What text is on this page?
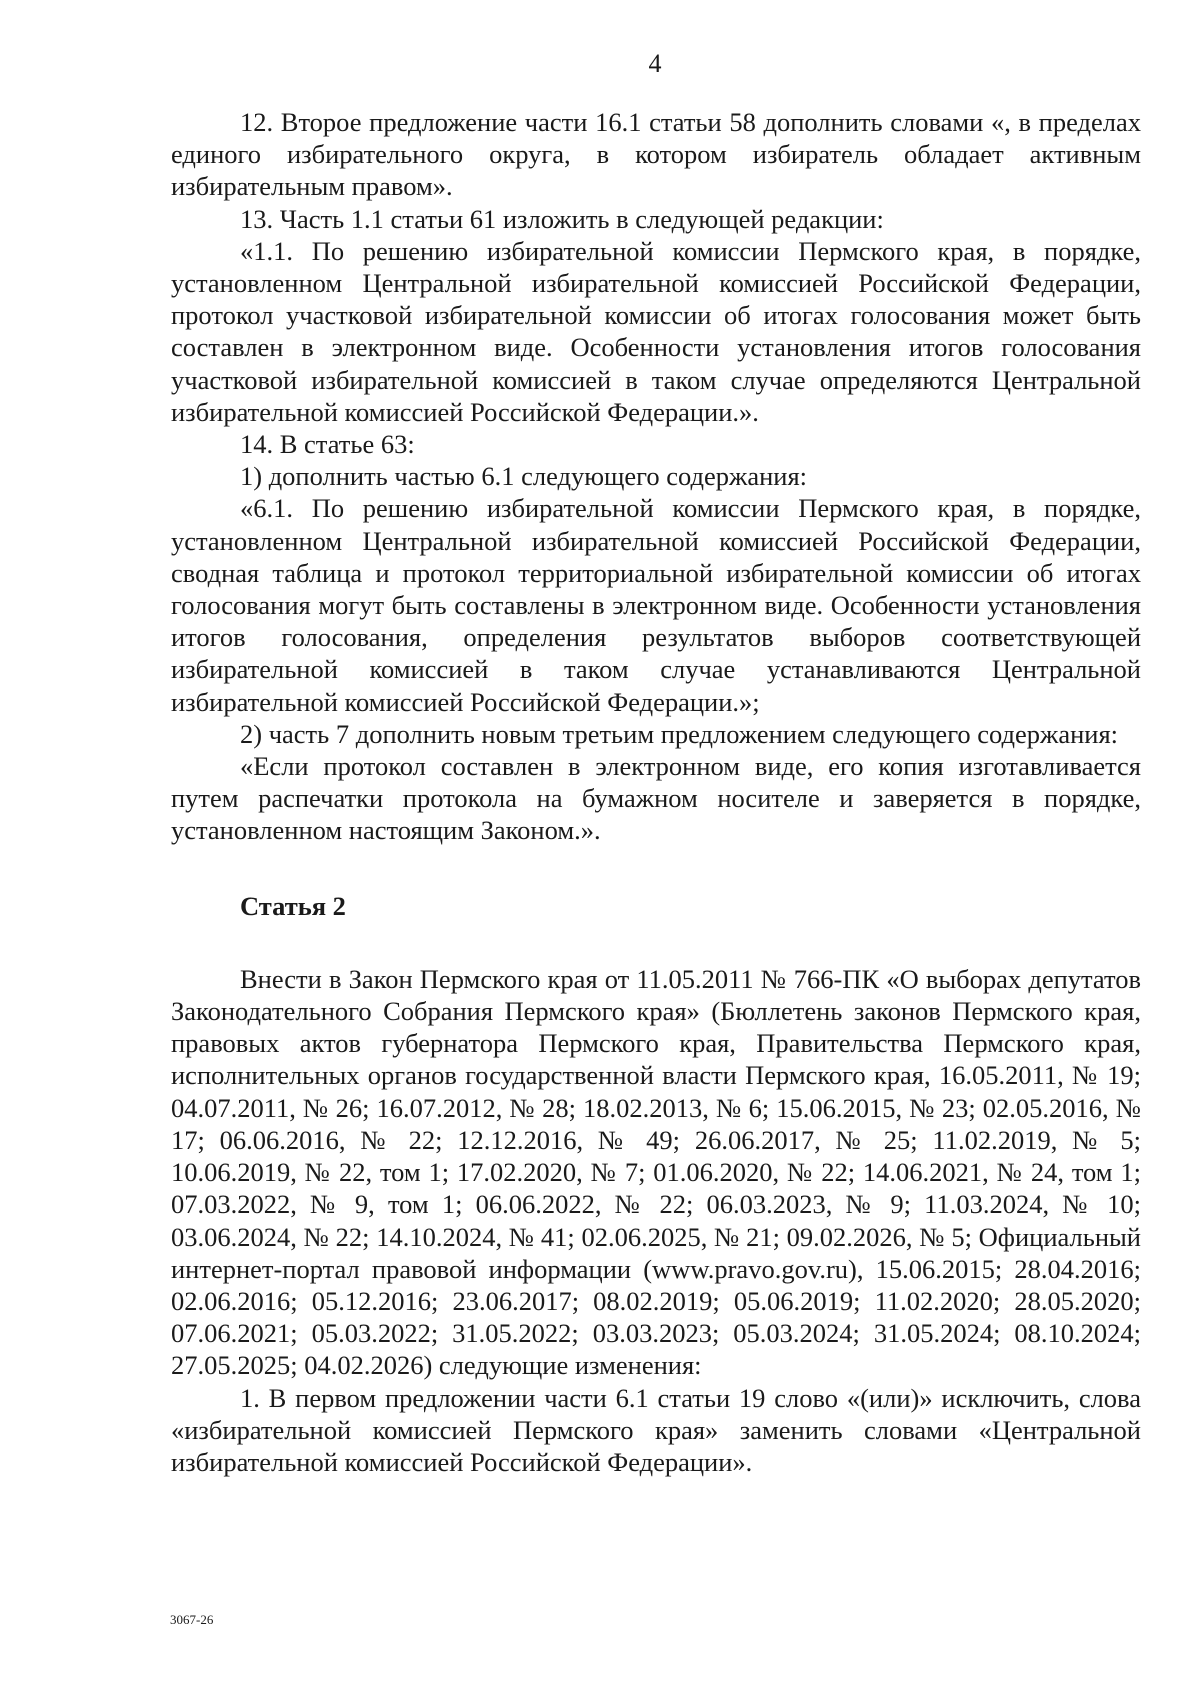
4

12. Второе предложение части 16.1 статьи 58 дополнить словами «, в пределах единого избирательного округа, в котором избиратель обладает активным избирательным правом».

13. Часть 1.1 статьи 61 изложить в следующей редакции:

«1.1. По решению избирательной комиссии Пермского края, в порядке, установленном Центральной избирательной комиссией Российской Федерации, протокол участковой избирательной комиссии об итогах голосования может быть составлен в электронном виде. Особенности установления итогов голосования участковой избирательной комиссией в таком случае определяются Центральной избирательной комиссией Российской Федерации.».

14. В статье 63:

1) дополнить частью 6.1 следующего содержания:

«6.1. По решению избирательной комиссии Пермского края, в порядке, установленном Центральной избирательной комиссией Российской Федерации, сводная таблица и протокол территориальной избирательной комиссии об итогах голосования могут быть составлены в электронном виде. Особенности установления итогов голосования, определения результатов выборов соответствующей избирательной комиссией в таком случае устанавливаются Центральной избирательной комиссией Российской Федерации.»;

2) часть 7 дополнить новым третьим предложением следующего содержания:

«Если протокол составлен в электронном виде, его копия изготавливается путем распечатки протокола на бумажном носителе и заверяется в порядке, установленном настоящим Законом.».

Статья 2

Внести в Закон Пермского края от 11.05.2011 № 766-ПК «О выборах депутатов Законодательного Собрания Пермского края» (Бюллетень законов Пермского края, правовых актов губернатора Пермского края, Правительства Пермского края, исполнительных органов государственной власти Пермского края, 16.05.2011, № 19; 04.07.2011, № 26; 16.07.2012, № 28; 18.02.2013, № 6; 15.06.2015, № 23; 02.05.2016, № 17; 06.06.2016, № 22; 12.12.2016, № 49; 26.06.2017, № 25; 11.02.2019, № 5; 10.06.2019, № 22, том 1; 17.02.2020, № 7; 01.06.2020, № 22; 14.06.2021, № 24, том 1; 07.03.2022, № 9, том 1; 06.06.2022, № 22; 06.03.2023, № 9; 11.03.2024, № 10; 03.06.2024, № 22; 14.10.2024, № 41; 02.06.2025, № 21; 09.02.2026, № 5; Официальный интернет-портал правовой информации (www.pravo.gov.ru), 15.06.2015; 28.04.2016; 02.06.2016; 05.12.2016; 23.06.2017; 08.02.2019; 05.06.2019; 11.02.2020; 28.05.2020; 07.06.2021; 05.03.2022; 31.05.2022; 03.03.2023; 05.03.2024; 31.05.2024; 08.10.2024; 27.05.2025; 04.02.2026) следующие изменения:

1. В первом предложении части 6.1 статьи 19 слово «(или)» исключить, слова «избирательной комиссией Пермского края» заменить словами «Центральной избирательной комиссией Российской Федерации».

3067-26
